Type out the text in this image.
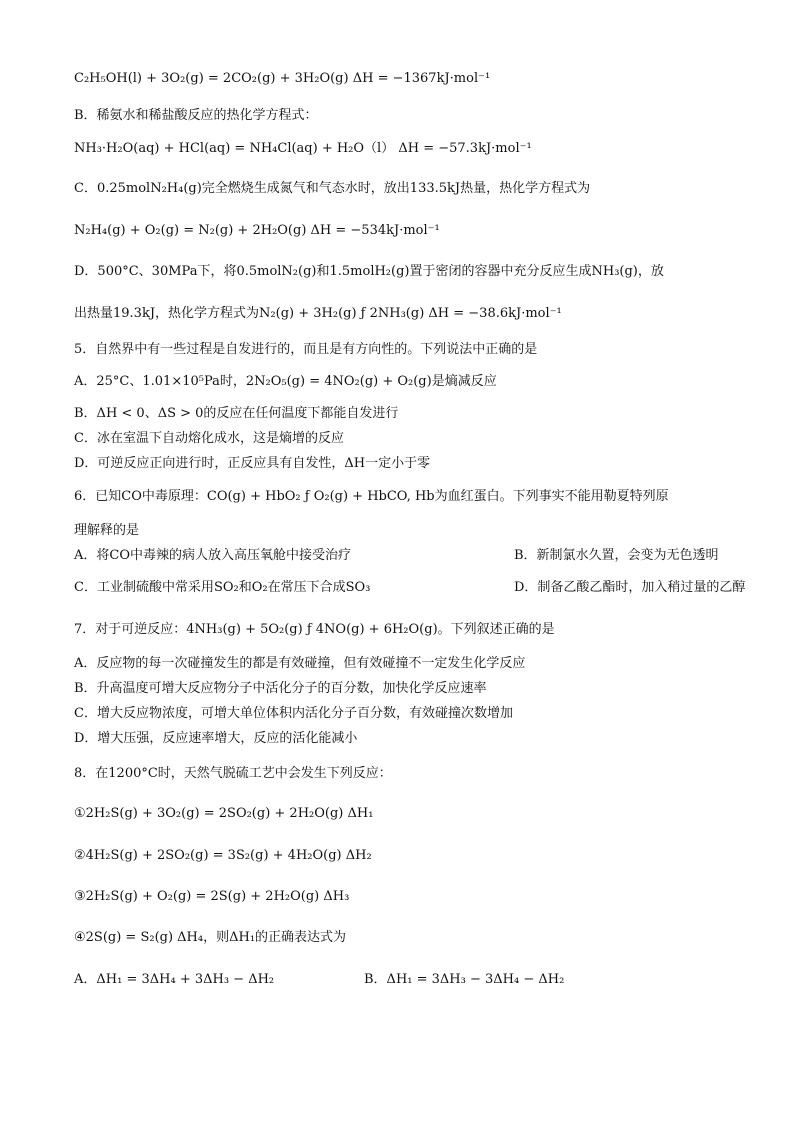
C₂H₅OH(l) + 3O₂(g) = 2CO₂(g) + 3H₂O(g) ΔH = −1367kJ·mol⁻¹
B．稀氨水和稀盐酸反应的热化学方程式：
NH₃·H₂O(aq) + HCl(aq) = NH₄Cl(aq) + H₂O（l） ΔH = −57.3kJ·mol⁻¹
C．0.25molN₂H₄(g)完全燃烧生成氮气和气态水时，放出133.5kJ热量，热化学方程式为
N₂H₄(g) + O₂(g) = N₂(g) + 2H₂O(g) ΔH = −534kJ·mol⁻¹
D．500°C、30MPa下，将0.5molN₂(g)和1.5molH₂(g)置于密闭的容器中充分反应生成NH₃(g)，放
出热量19.3kJ，热化学方程式为N₂(g) + 3H₂(g) ƒ 2NH₃(g) ΔH = −38.6kJ·mol⁻¹
5．自然界中有一些过程是自发进行的，而且是有方向性的。下列说法中正确的是
A．25°C、1.01×10⁵Pa时，2N₂O₅(g) = 4NO₂(g) + O₂(g)是熵减反应
B．ΔH < 0、ΔS > 0的反应在任何温度下都能自发进行
C．冰在室温下自动熔化成水，这是熵增的反应
D．可逆反应正向进行时，正反应具有自发性，ΔH一定小于零
6．已知CO中毒原理：CO(g) + HbO₂ ƒ O₂(g) + HbCO, Hb为血红蛋白。下列事实不能用勒夏特列原
理解释的是
A．将CO中毒辣的病人放入高压氧舱中接受治疗	B．新制氯水久置，会变为无色透明
C．工业制硫酸中常采用SO₂和O₂在常压下合成SO₃	D．制备乙酸乙酯时，加入稍过量的乙醇
7．对于可逆反应：4NH₃(g) + 5O₂(g) ƒ 4NO(g) + 6H₂O(g)。下列叙述正确的是
A．反应物的每一次碰撞发生的都是有效碰撞，但有效碰撞不一定发生化学反应
B．升高温度可增大反应物分子中活化分子的百分数，加快化学反应速率
C．增大反应物浓度，可增大单位体积内活化分子百分数，有效碰撞次数增加
D．增大压强，反应速率增大，反应的活化能减小
8．在1200°C时，天然气脱硫工艺中会发生下列反应：
①2H₂S(g) + 3O₂(g) = 2SO₂(g) + 2H₂O(g) ΔH₁
②4H₂S(g) + 2SO₂(g) = 3S₂(g) + 4H₂O(g) ΔH₂
③2H₂S(g) + O₂(g) = 2S(g) + 2H₂O(g) ΔH₃
④2S(g) = S₂(g) ΔH₄，则ΔH₁的正确表达式为
A．ΔH₁ = 3ΔH₄ + 3ΔH₃ − ΔH₂	B．ΔH₁ = 3ΔH₃ − 3ΔH₄ − ΔH₂
